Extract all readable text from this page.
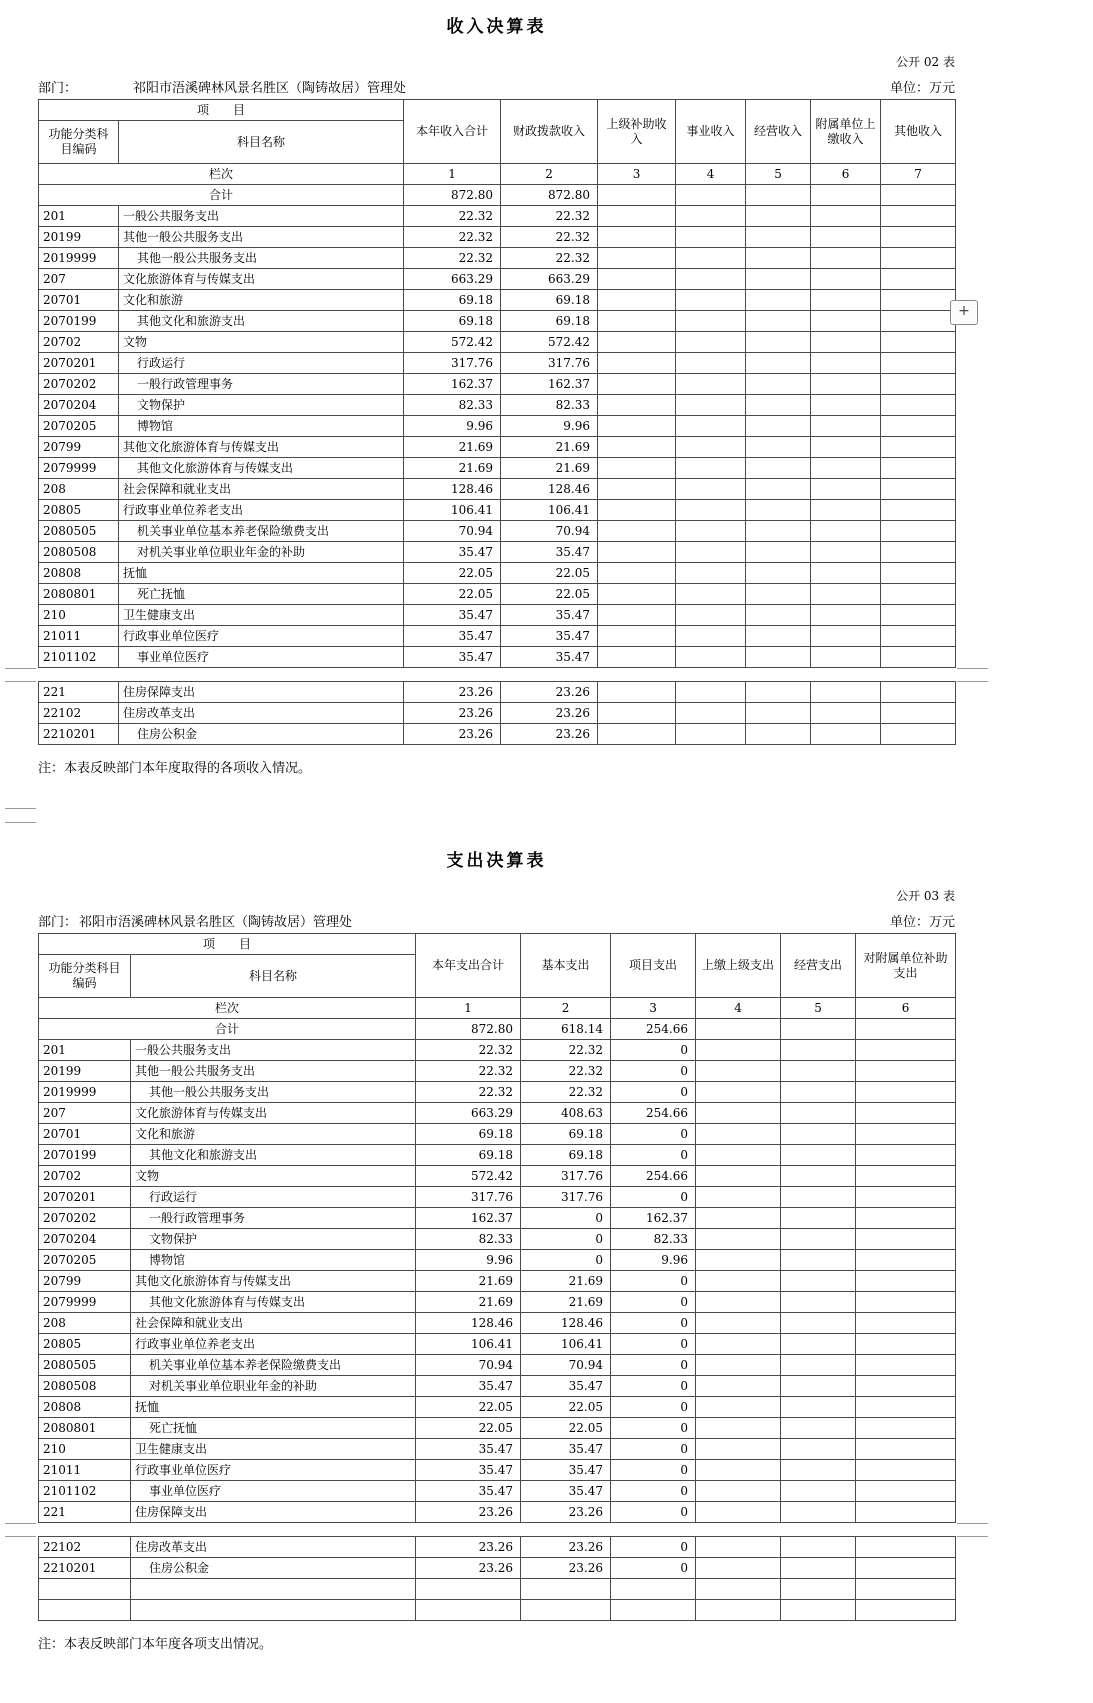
收入决算表
公开 02 表
部门：	祁阳市浯溪碑林风景名胜区（陶铸故居）管理处	单位：万元
项　　目		本年收入合计	财政拨款收入	上级补助收入	事业收入	经营收入	附属单位上缴收入	其他收入
功能分类科目编码	科目名称							
栏次		1	2	3	4	5	6	7
合计		872.80	872.80					
201	一般公共服务支出	22.32	22.32					
20199	其他一般公共服务支出	22.32	22.32					
2019999	其他一般公共服务支出	22.32	22.32					
207	文化旅游体育与传媒支出	663.29	663.29					
20701	文化和旅游	69.18	69.18					
2070199	其他文化和旅游支出	69.18	69.18					
20702	文物	572.42	572.42					
2070201	行政运行	317.76	317.76					
2070202	一般行政管理事务	162.37	162.37					
2070204	文物保护	82.33	82.33					
2070205	博物馆	9.96	9.96					
20799	其他文化旅游体育与传媒支出	21.69	21.69					
2079999	其他文化旅游体育与传媒支出	21.69	21.69					
208	社会保障和就业支出	128.46	128.46					
20805	行政事业单位养老支出	106.41	106.41					
2080505	机关事业单位基本养老保险缴费支出	70.94	70.94					
2080508	对机关事业单位职业年金的补助	35.47	35.47					
20808	抚恤	22.05	22.05					
2080801	死亡抚恤	22.05	22.05					
210	卫生健康支出	35.47	35.47					
21011	行政事业单位医疗	35.47	35.47					
2101102	事业单位医疗	35.47	35.47					
221	住房保障支出	23.26	23.26					
22102	住房改革支出	23.26	23.26					
2210201	住房公积金	23.26	23.26					

注：本表反映部门本年度取得的各项收入情况。

支出决算表
公开 03 表
部门： 祁阳市浯溪碑林风景名胜区（陶铸故居）管理处	单位：万元
项　　目		本年支出合计	基本支出	项目支出	上缴上级支出	经营支出	对附属单位补助支出
功能分类科目编码	科目名称						
栏次		1	2	3	4	5	6
合计		872.80	618.14	254.66			
201	一般公共服务支出	22.32	22.32	0			
20199	其他一般公共服务支出	22.32	22.32	0			
2019999	其他一般公共服务支出	22.32	22.32	0			
207	文化旅游体育与传媒支出	663.29	408.63	254.66			
20701	文化和旅游	69.18	69.18	0			
2070199	其他文化和旅游支出	69.18	69.18	0			
20702	文物	572.42	317.76	254.66			
2070201	行政运行	317.76	317.76	0			
2070202	一般行政管理事务	162.37	0	162.37			
2070204	文物保护	82.33	0	82.33			
2070205	博物馆	9.96	0	9.96			
20799	其他文化旅游体育与传媒支出	21.69	21.69	0			
2079999	其他文化旅游体育与传媒支出	21.69	21.69	0			
208	社会保障和就业支出	128.46	128.46	0			
20805	行政事业单位养老支出	106.41	106.41	0			
2080505	机关事业单位基本养老保险缴费支出	70.94	70.94	0			
2080508	对机关事业单位职业年金的补助	35.47	35.47	0			
20808	抚恤	22.05	22.05	0			
2080801	死亡抚恤	22.05	22.05	0			
210	卫生健康支出	35.47	35.47	0			
21011	行政事业单位医疗	35.47	35.47	0			
2101102	事业单位医疗	35.47	35.47	0			
221	住房保障支出	23.26	23.26	0			
22102	住房改革支出	23.26	23.26	0			
2210201	住房公积金	23.26	23.26	0			

注：本表反映部门本年度各项支出情况。

+
